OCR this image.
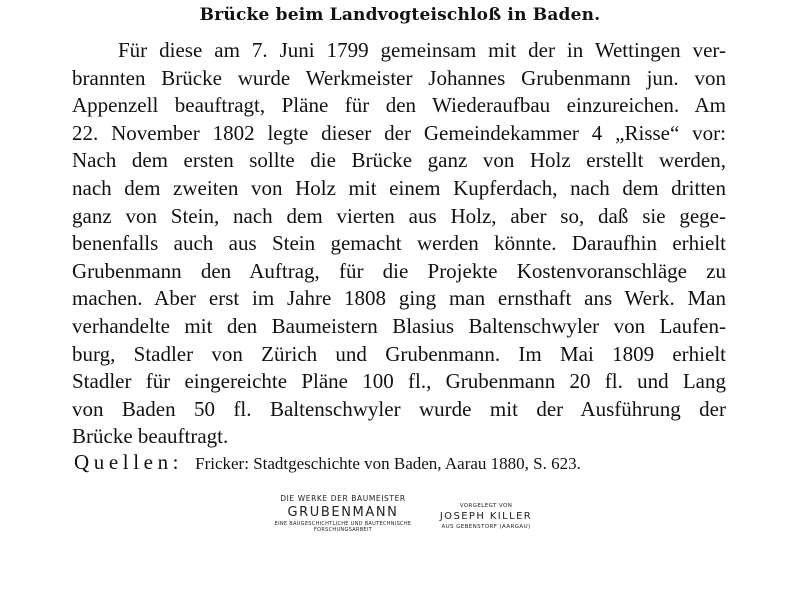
Brücke beim Landvogteischloß in Baden.
Für diese am 7. Juni 1799 gemeinsam mit der in Wettingen ver-
brannten Brücke wurde Werkmeister Johannes Grubenmann jun. von
Appenzell beauftragt, Pläne für den Wiederaufbau einzureichen. Am
22. November 1802 legte dieser der Gemeindekammer 4 „Risse“ vor:
Nach dem ersten sollte die Brücke ganz von Holz erstellt werden,
nach dem zweiten von Holz mit einem Kupferdach, nach dem dritten
ganz von Stein, nach dem vierten aus Holz, aber so, daß sie gege-
benenfalls auch aus Stein gemacht werden könnte. Daraufhin erhielt
Grubenmann den Auftrag, für die Projekte Kostenvoranschläge zu
machen. Aber erst im Jahre 1808 ging man ernsthaft ans Werk. Man
verhandelte mit den Baumeistern Blasius Baltenschwyler von Laufen-
burg, Stadler von Zürich und Grubenmann. Im Mai 1809 erhielt
Stadler für eingereichte Pläne 100 fl., Grubenmann 20 fl. und Lang
von Baden 50 fl. Baltenschwyler wurde mit der Ausführung der
Brücke beauftragt.
Quellen: Fricker: Stadtgeschichte von Baden, Aarau 1880, S. 623.
DIE WERKE DER BAUMEISTER
GRUBENMANN
EINE BAUGESCHICHTLICHE UND BAUTECHNISCHE
FORSCHUNGSARBEIT
VORGELEGT VON
JOSEPH KILLER
AUS GEBENSTORF (AARGAU)
